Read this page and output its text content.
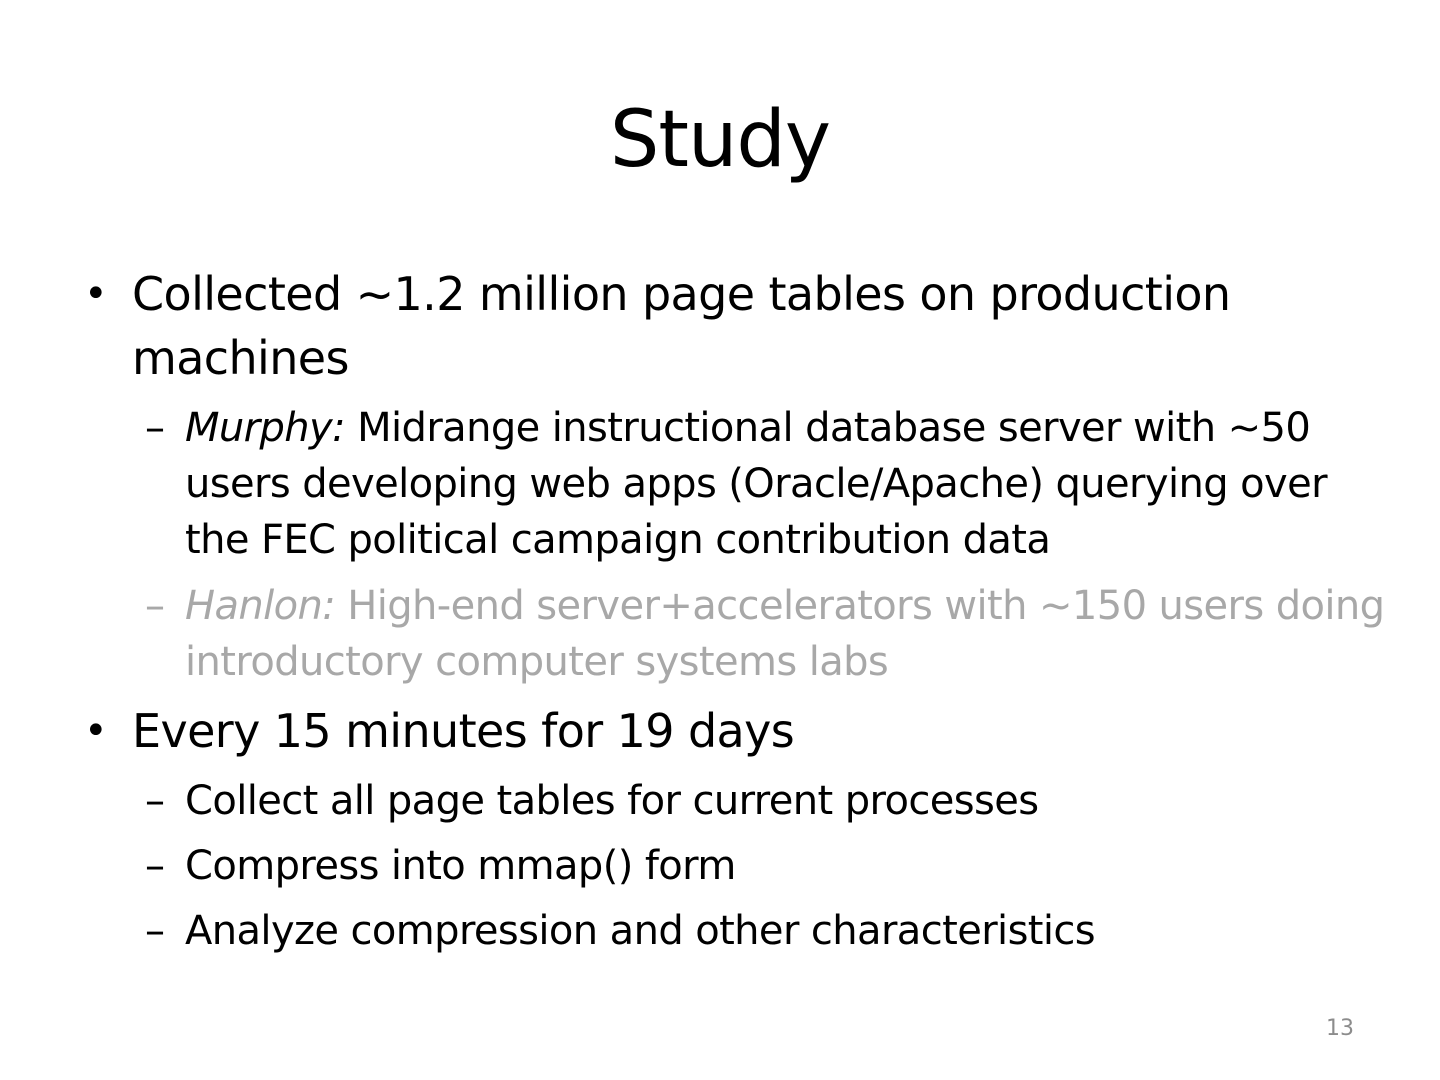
Study
• Collected ~1.2 million page tables on production machines
– Murphy: Midrange instructional database server with ~50 users developing web apps (Oracle/Apache) querying over the FEC political campaign contribution data
– Hanlon: High-end server+accelerators with ~150 users doing introductory computer systems labs
• Every 15 minutes for 19 days
– Collect all page tables for current processes
– Compress into mmap() form
– Analyze compression and other characteristics
13
